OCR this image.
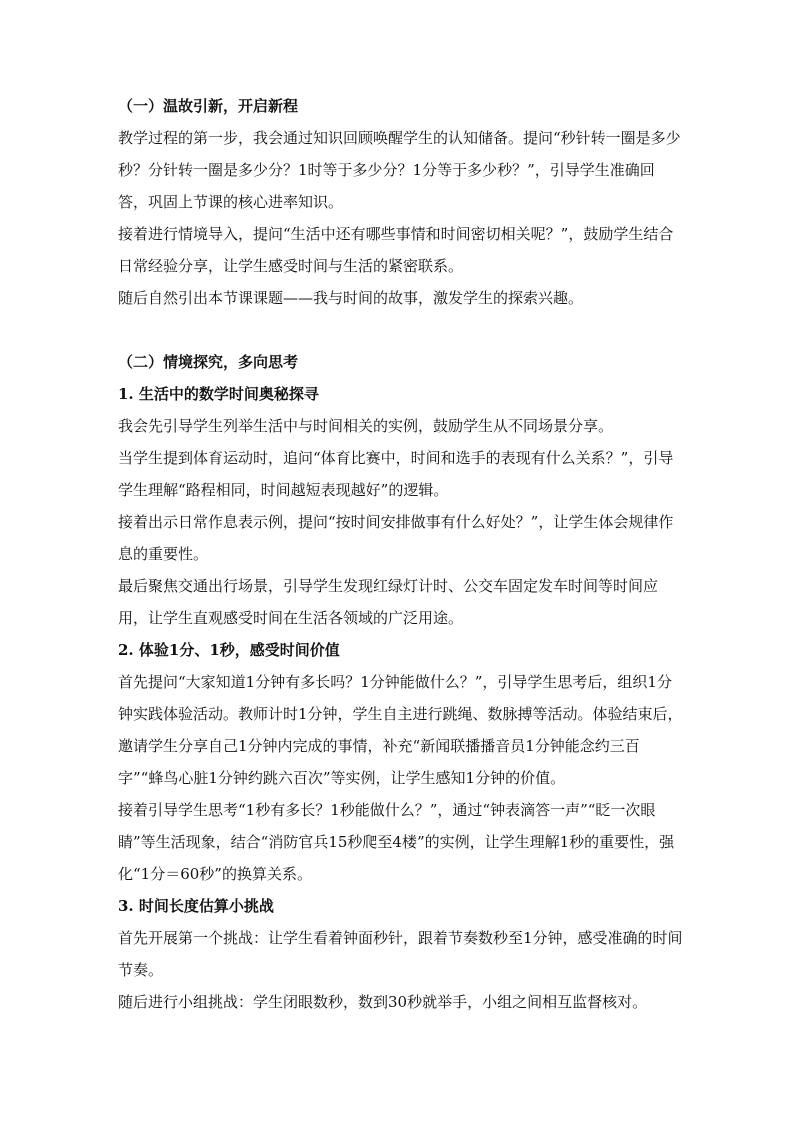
（一）温故引新，开启新程

教学过程的第一步，我会通过知识回顾唤醒学生的认知储备。提问“秒针转一圈是多少秒？分针转一圈是多少分？1时等于多少分？1分等于多少秒？”，引导学生准确回答，巩固上节课的核心进率知识。

接着进行情境导入，提问“生活中还有哪些事情和时间密切相关呢？”，鼓励学生结合日常经验分享，让学生感受时间与生活的紧密联系。

随后自然引出本节课课题——我与时间的故事，激发学生的探索兴趣。

（二）情境探究，多向思考

1. 生活中的数学时间奥秘探寻

我会先引导学生列举生活中与时间相关的实例，鼓励学生从不同场景分享。

当学生提到体育运动时，追问“体育比赛中，时间和选手的表现有什么关系？”，引导学生理解“路程相同，时间越短表现越好”的逻辑。

接着出示日常作息表示例，提问“按时间安排做事有什么好处？”，让学生体会规律作息的重要性。

最后聚焦交通出行场景，引导学生发现红绿灯计时、公交车固定发车时间等时间应用，让学生直观感受时间在生活各领域的广泛用途。

2. 体验1分、1秒，感受时间价值

首先提问“大家知道1分钟有多长吗？1分钟能做什么？”，引导学生思考后，组织1分钟实践体验活动。教师计时1分钟，学生自主进行跳绳、数脉搏等活动。体验结束后，邀请学生分享自己1分钟内完成的事情，补充“新闻联播播音员1分钟能念约三百字”“蜂鸟心脏1分钟约跳六百次”等实例，让学生感知1分钟的价值。

接着引导学生思考“1秒有多长？1秒能做什么？”，通过“钟表滴答一声”“眨一次眼睛”等生活现象，结合“消防官兵15秒爬至4楼”的实例，让学生理解1秒的重要性，强化“1分＝60秒”的换算关系。

3. 时间长度估算小挑战

首先开展第一个挑战：让学生看着钟面秒针，跟着节奏数秒至1分钟，感受准确的时间节奏。

随后进行小组挑战：学生闭眼数秒，数到30秒就举手，小组之间相互监督核对。
